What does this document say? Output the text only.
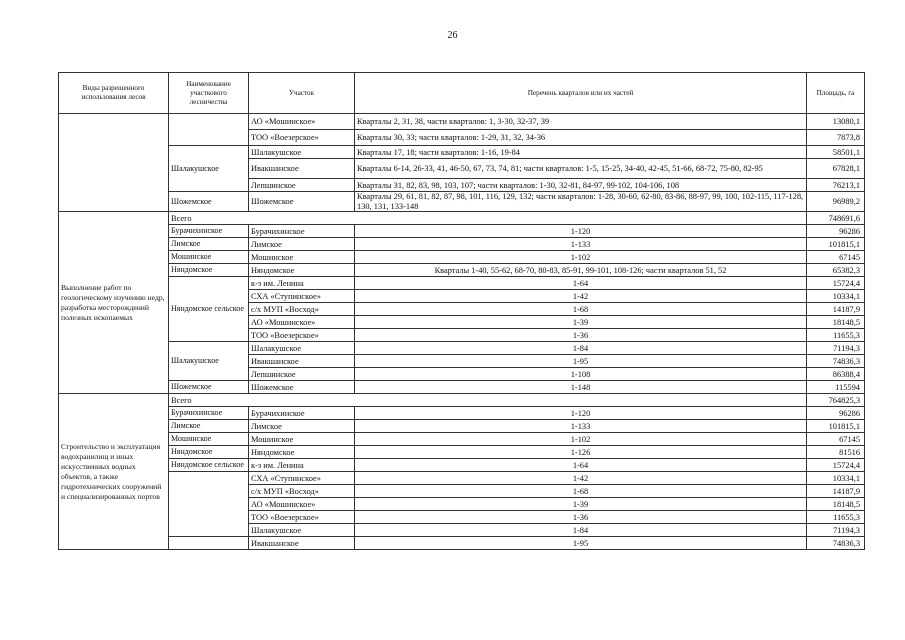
26
Виды разрешенного использования лесов	Наименование участкового лесничества	Участок	Перечень кварталов или их частей	Площадь, га
		АО «Мошинское»	Кварталы 2, 31, 38, части кварталов: 1, 3-30, 32-37, 39	13080,1
		ТОО «Воезерское»	Кварталы 30, 33; части кварталов: 1-29, 31, 32, 34-36	7873,8
	Шалакушское	Шалакушское	Кварталы 17, 18; части кварталов: 1-16, 19-84	58501,1
		Ивакшанское	Кварталы 6-14, 26-33, 41, 46-50, 67, 73, 74, 81; части кварталов: 1-5, 15-25, 34-40, 42-45, 51-66, 68-72, 75-80, 82-95	67828,1
		Лепшинское	Кварталы 31, 82, 83, 98, 103, 107; части кварталов: 1-30, 32-81, 84-97, 99-102, 104-106, 108	76213,1
	Шожемское	Шожемское	Кварталы 29, 61, 81, 82, 87, 98, 101, 116, 129, 132; части кварталов: 1-28, 30-60, 62-80, 83-86, 88-97, 99, 100, 102-115, 117-128, 130, 131, 133-148	96989,2
Выполнение работ по геологическому изучению недр, разработка месторождений полезных ископаемых	Всего			748691,6
	Бурачихинское	Бурачихинское	1-120	96286
	Лимское	Лимское	1-133	101815,1
	Мошинское	Мошинское	1-102	67145
	Няндомское	Няндомское	Кварталы 1-40, 55-62, 68-70, 80-83, 85-91, 99-101, 108-126; части кварталов 51, 52	65382,3
	Няндомское сельское	к-з им. Ленина	1-64	15724,4
		СХА «Ступинское»	1-42	10334,1
		с/х МУП «Восход»	1-68	14187,9
		АО «Мошинское»	1-39	18148,5
		ТОО «Воезерское»	1-36	11655,3
	Шалакушское	Шалакушское	1-84	71194,3
		Ивакшанское	1-95	74836,3
		Лепшинское	1-108	86388,4
	Шожемское	Шожемское	1-148	115594
Строительство и эксплуатация водохранилищ и иных искусственных водных объектов, а также гидротехнических сооружений и специализированных портов	Всего			764825,3
	Бурачихинское	Бурачихинское	1-120	96286
	Лимское	Лимское	1-133	101815,1
	Мошинское	Мошинское	1-102	67145
	Няндомское	Няндомское	1-126	81516
	Няндомское сельское	к-з им. Ленина	1-64	15724,4
		СХА «Ступинское»	1-42	10334,1
		с/х МУП «Восход»	1-68	14187,9
		АО «Мошинское»	1-39	18148,5
		ТОО «Воезерское»	1-36	11655,3
		Шалакушское	1-84	71194,3
		Ивакшанское	1-95	74836,3
